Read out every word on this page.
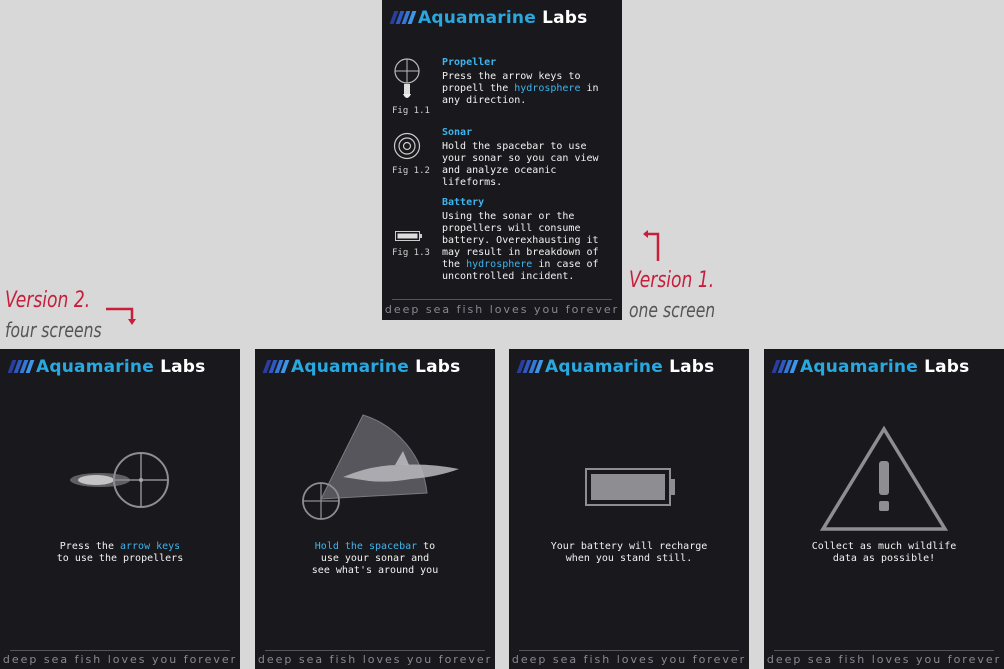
Aquamarine Labs
Fig 1.1
Propeller
Press the arrow keys to
propell the hydrosphere in
any direction.
Fig 1.2
Sonar
Hold the spacebar to use
your sonar so you can view
and analyze oceanic lifeforms.
Fig 1.3
Battery
Using the sonar or the
propellers will consume
battery. Overexhausting it
may result in breakdown of
the hydrosphere in case of
uncontrolled incident.
deep sea fish loves you forever
Version 1.
one screen
Version 2.
four screens
Aquamarine Labs
Press the arrow keys
to use the propellers
deep sea fish loves you forever
Aquamarine Labs
Hold the spacebar to
use your sonar and
see what's around you
deep sea fish loves you forever
Aquamarine Labs
Your battery will recharge
when you stand still.
deep sea fish loves you forever
Aquamarine Labs
Collect as much wildlife
data as possible!
deep sea fish loves you forever
